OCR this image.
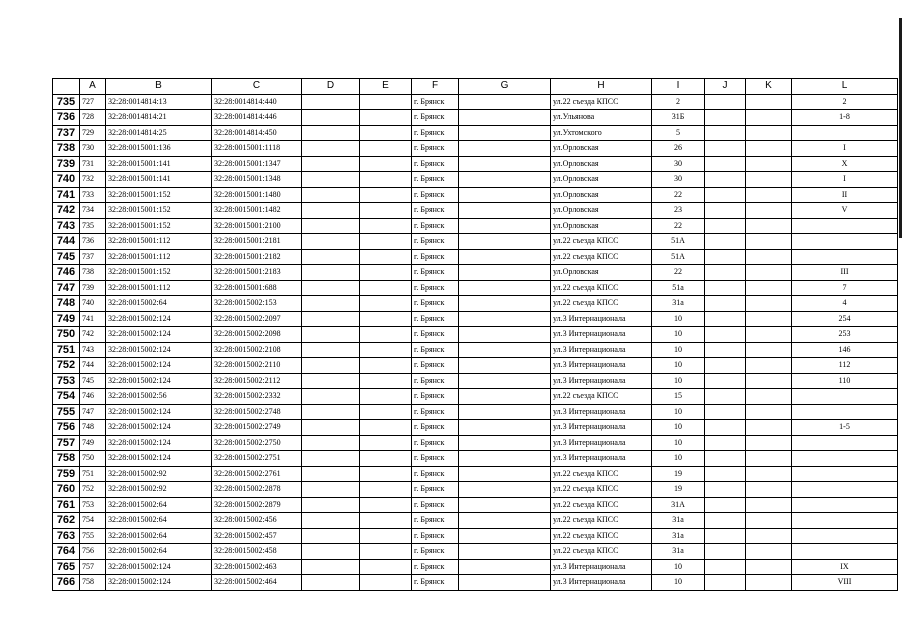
	A	B	C	D	E	F	G	H	I	J	K	L
735	727	32:28:0014814:13	32:28:0014814:440			г. Брянск		ул.22 съезда КПСС	2			2
736	728	32:28:0014814:21	32:28:0014814:446			г. Брянск		ул.Ульянова	31Б			1-8
737	729	32:28:0014814:25	32:28:0014814:450			г. Брянск		ул.Ухтомского	5			
738	730	32:28:0015001:136	32:28:0015001:1118			г. Брянск		ул.Орловская	26			I
739	731	32:28:0015001:141	32:28:0015001:1347			г. Брянск		ул.Орловская	30			X
740	732	32:28:0015001:141	32:28:0015001:1348			г. Брянск		ул.Орловская	30			I
741	733	32:28:0015001:152	32:28:0015001:1480			г. Брянск		ул.Орловская	22			II
742	734	32:28:0015001:152	32:28:0015001:1482			г. Брянск		ул.Орловская	23			V
743	735	32:28:0015001:152	32:28:0015001:2100			г. Брянск		ул.Орловская	22			
744	736	32:28:0015001:112	32:28:0015001:2181			г. Брянск		ул.22 съезда КПСС	51А			
745	737	32:28:0015001:112	32:28:0015001:2182			г. Брянск		ул.22 съезда КПСС	51А			
746	738	32:28:0015001:152	32:28:0015001:2183			г. Брянск		ул.Орловская	22			III
747	739	32:28:0015001:112	32:28:0015001:688			г. Брянск		ул.22 съезда КПСС	51а			7
748	740	32:28:0015002:64	32:28:0015002:153			г. Брянск		ул.22 съезда КПСС	31а			4
749	741	32:28:0015002:124	32:28:0015002:2097			г. Брянск		ул.3 Интернационала	10			254
750	742	32:28:0015002:124	32:28:0015002:2098			г. Брянск		ул.3 Интернационала	10			253
751	743	32:28:0015002:124	32:28:0015002:2108			г. Брянск		ул.3 Интернационала	10			146
752	744	32:28:0015002:124	32:28:0015002:2110			г. Брянск		ул.3 Интернационала	10			112
753	745	32:28:0015002:124	32:28:0015002:2112			г. Брянск		ул.3 Интернационала	10			110
754	746	32:28:0015002:56	32:28:0015002:2332			г. Брянск		ул.22 съезда КПСС	15			
755	747	32:28:0015002:124	32:28:0015002:2748			г. Брянск		ул.3 Интернационала	10			
756	748	32:28:0015002:124	32:28:0015002:2749			г. Брянск		ул.3 Интернационала	10			1-5
757	749	32:28:0015002:124	32:28:0015002:2750			г. Брянск		ул.3 Интернационала	10			
758	750	32:28:0015002:124	32:28:0015002:2751			г. Брянск		ул.3 Интернационала	10			
759	751	32:28:0015002:92	32:28:0015002:2761			г. Брянск		ул.22 съезда КПСС	19			
760	752	32:28:0015002:92	32:28:0015002:2878			г. Брянск		ул.22 съезда КПСС	19			
761	753	32:28:0015002:64	32:28:0015002:2879			г. Брянск		ул.22 съезда КПСС	31А			
762	754	32:28:0015002:64	32:28:0015002:456			г. Брянск		ул.22 съезда КПСС	31а			
763	755	32:28:0015002:64	32:28:0015002:457			г. Брянск		ул.22 съезда КПСС	31а			
764	756	32:28:0015002:64	32:28:0015002:458			г. Брянск		ул.22 съезда КПСС	31а			
765	757	32:28:0015002:124	32:28:0015002:463			г. Брянск		ул.3 Интернационала	10			IX
766	758	32:28:0015002:124	32:28:0015002:464			г. Брянск		ул.3 Интернационала	10			VIII
